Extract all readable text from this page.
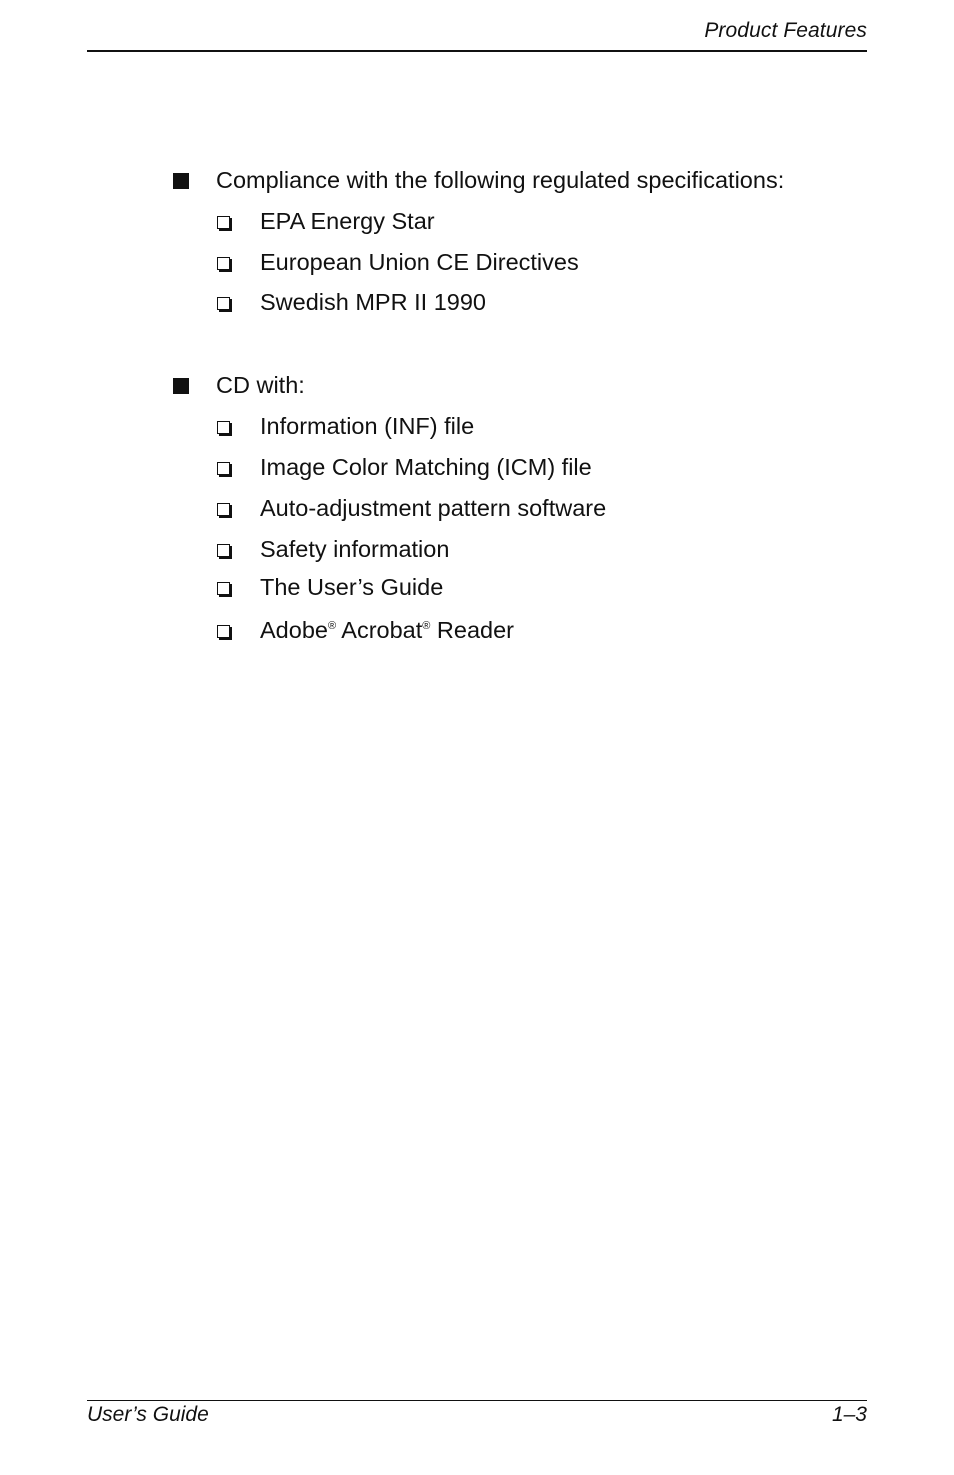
Product Features
Compliance with the following regulated specifications:
EPA Energy Star
European Union CE Directives
Swedish MPR II 1990
CD with:
Information (INF) file
Image Color Matching (ICM) file
Auto-adjustment pattern software
Safety information
The User’s Guide
Adobe® Acrobat® Reader
User’s Guide	1–3
